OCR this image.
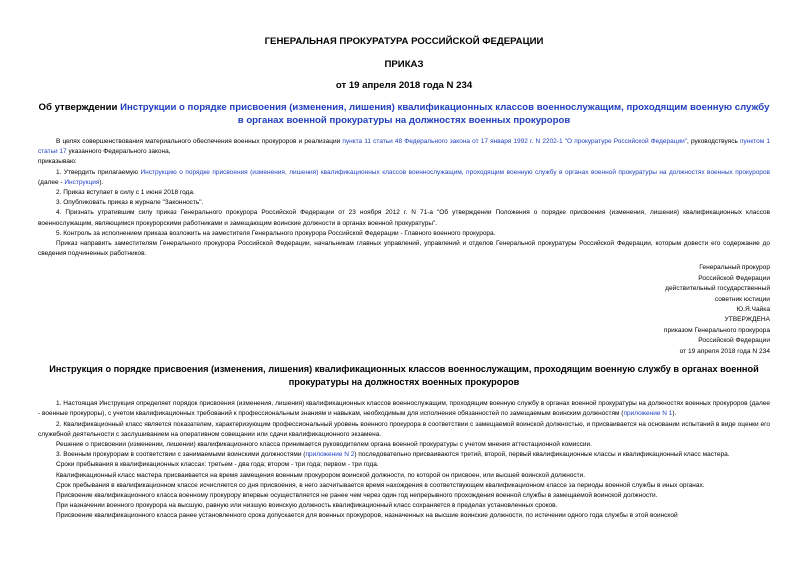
ГЕНЕРАЛЬНАЯ ПРОКУРАТУРА РОССИЙСКОЙ ФЕДЕРАЦИИ
ПРИКАЗ
от 19 апреля 2018 года N 234
Об утверждении Инструкции о порядке присвоения (изменения, лишения) квалификационных классов военнослужащим, проходящим военную службу в органах военной прокуратуры на должностях военных прокуроров

В целях совершенствования материального обеспечения военных прокуроров и реализации пункта 11 статьи 48 Федерального закона от 17 января 1992 г. N 2202-1 "О прокуратуре Российской Федерации", руководствуясь пунктом 1 статьи 17 указанного Федерального закона,

приказываю:

1. Утвердить прилагаемую Инструкцию о порядке присвоения (изменения, лишения) квалификационных классов военнослужащим, проходящим военную службу в органах военной прокуратуры на должностях военных прокуроров (далее - Инструкция).

2. Приказ вступает в силу с 1 июня 2018 года.

3. Опубликовать приказ в журнале "Законность".

4. Признать утратившим силу приказ Генерального прокурора Российской Федерации от 23 ноября 2012 г. N 71-а "Об утверждении Положения о порядке присвоения (изменения, лишения) квалификационных классов военнослужащим, являющимся прокурорскими работниками и замещающим воинские должности в органах военной прокуратуры".

5. Контроль за исполнением приказа возложить на заместителя Генерального прокурора Российской Федерации - Главного военного прокурора.

Приказ направить заместителям Генерального прокурора Российской Федерации, начальникам главных управлений, управлений и отделов Генеральной прокуратуры Российской Федерации, которым довести его содержание до сведения подчиненных работников.

Генеральный прокурор
Российской Федерации
действительный государственный
советник юстиции
Ю.Я.Чайка
УТВЕРЖДЕНА
приказом Генерального прокурора
Российской Федерации
от 19 апреля 2018 года N 234
Инструкция о порядке присвоения (изменения, лишения) квалификационных классов военнослужащим, проходящим военную службу в органах военной прокуратуры на должностях военных прокуроров

1. Настоящая Инструкция определяет порядок присвоения (изменения, лишения) квалификационных классов военнослужащим, проходящим военную службу в органах военной прокуратуры на должностях военных прокуроров (далее - военные прокуроры), с учетом квалификационных требований к профессиональным знаниям и навыкам, необходимым для исполнения обязанностей по замещаемым воинским должностям (приложение N 1).

2. Квалификационный класс является показателем, характеризующим профессиональный уровень военного прокурора в соответствии с замещаемой воинской должностью, и присваивается на основании испытаний в виде оценки его служебной деятельности с заслушиванием на оперативном совещании или сдачи квалификационного экзамена.

Решение о присвоении (изменении, лишении) квалификационного класса принимается руководителем органа военной прокуратуры с учетом мнения аттестационной комиссии.

3. Военным прокурорам в соответствии с занимаемыми воинскими должностями (приложение N 2) последовательно присваиваются третий, второй, первый квалификационные классы и квалификационный класс мастера.

Сроки пребывания в квалификационных классах: третьем - два года; втором - три года; первом - три года.

Квалификационный класс мастера присваивается на время замещения военным прокурором воинской должности, по которой он присвоен, или высшей воинской должности.

Срок пребывания в квалификационном классе исчисляется со дня присвоения, в него засчитывается время нахождения в соответствующем квалификационном классе за периоды военной службы в иных органах.

Присвоение квалификационного класса военному прокурору впервые осуществляется не ранее чем через один год непрерывного прохождения военной службы в замещаемой воинской должности.

При назначении военного прокурора на высшую, равную или низшую воинскую должность квалификационный класс сохраняется в пределах установленных сроков.

Присвоение квалификационного класса ранее установленного срока допускается для военных прокуроров, назначенных на высшие воинские должности, по истечении одного года службы в этой воинской
